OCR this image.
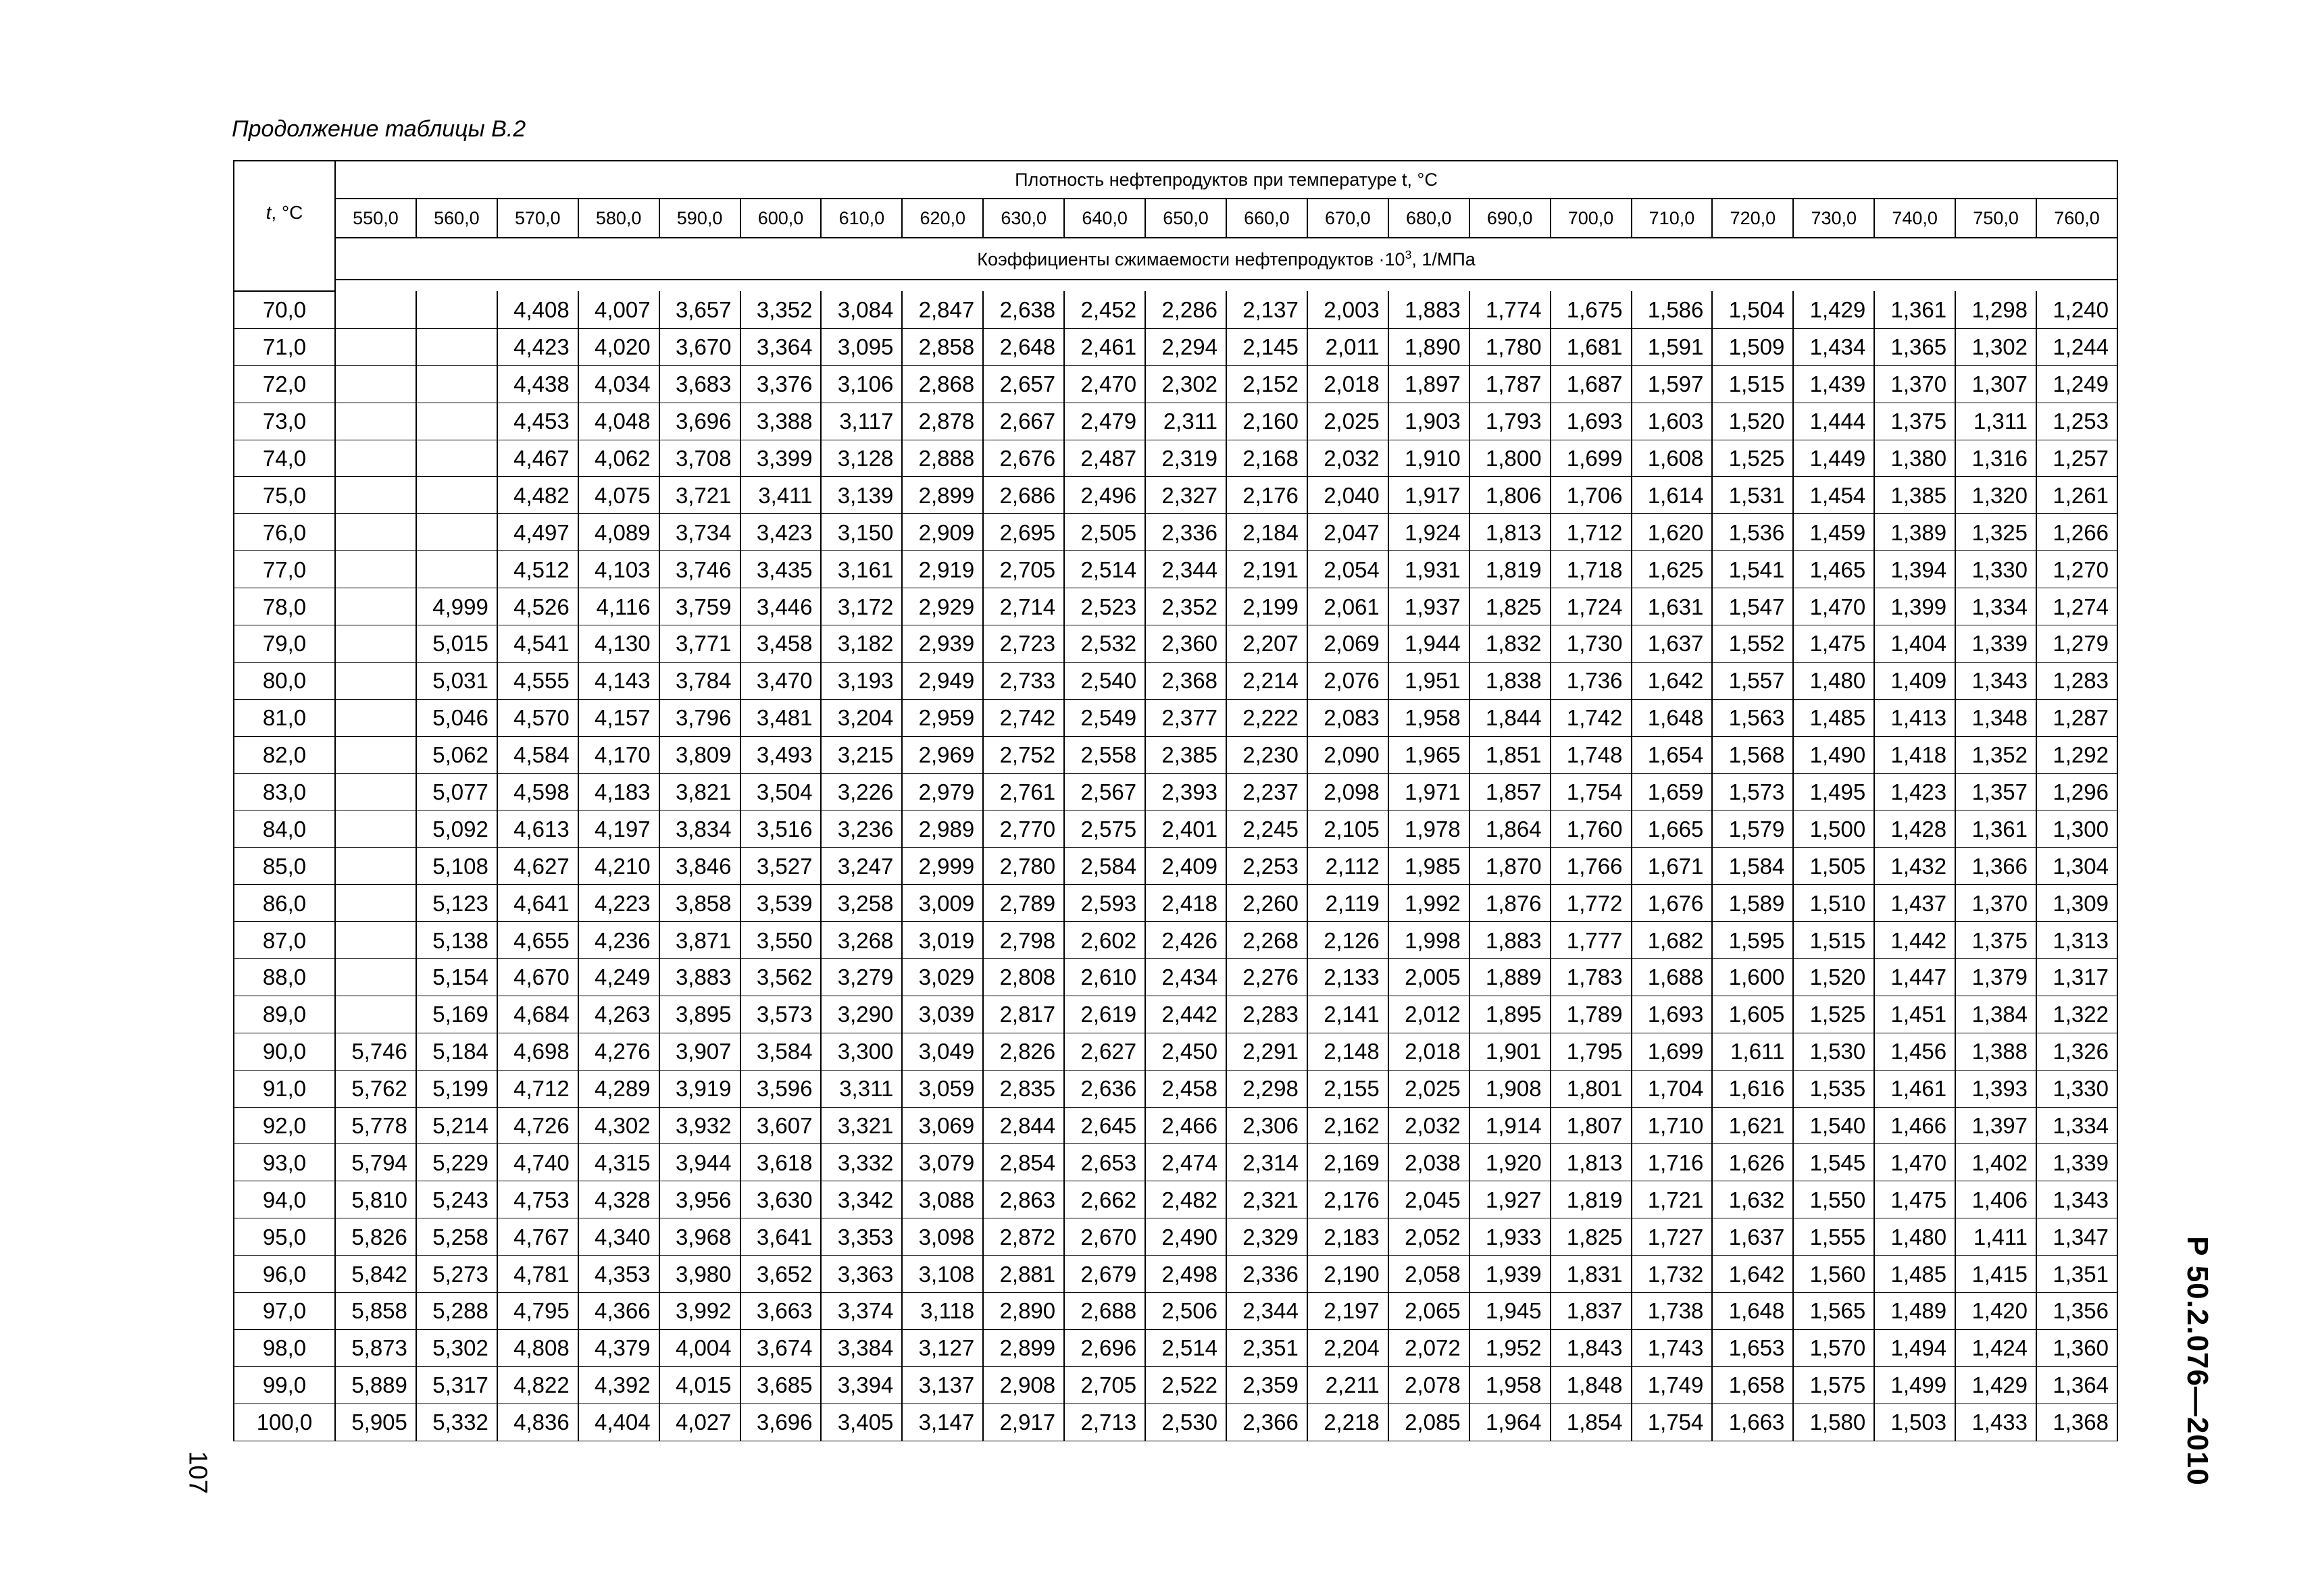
Продолжение таблицы В.2
t, °C	Плотность нефтепродуктов при температуре t, °C																					
	550,0	560,0	570,0	580,0	590,0	600,0	610,0	620,0	630,0	640,0	650,0	660,0	670,0	680,0	690,0	700,0	710,0	720,0	730,0	740,0	750,0	760,0
	Коэффициенты сжимаемости нефтепродуктов $\cdot 10^3$, 1/МПа																					

70,0			4,408	4,007	3,657	3,352	3,084	2,847	2,638	2,452	2,286	2,137	2,003	1,883	1,774	1,675	1,586	1,504	1,429	1,361	1,298	1,240
71,0			4,423	4,020	3,670	3,364	3,095	2,858	2,648	2,461	2,294	2,145	2,011	1,890	1,780	1,681	1,591	1,509	1,434	1,365	1,302	1,244
72,0			4,438	4,034	3,683	3,376	3,106	2,868	2,657	2,470	2,302	2,152	2,018	1,897	1,787	1,687	1,597	1,515	1,439	1,370	1,307	1,249
73,0			4,453	4,048	3,696	3,388	3,117	2,878	2,667	2,479	2,311	2,160	2,025	1,903	1,793	1,693	1,603	1,520	1,444	1,375	1,311	1,253
74,0			4,467	4,062	3,708	3,399	3,128	2,888	2,676	2,487	2,319	2,168	2,032	1,910	1,800	1,699	1,608	1,525	1,449	1,380	1,316	1,257
75,0			4,482	4,075	3,721	3,411	3,139	2,899	2,686	2,496	2,327	2,176	2,040	1,917	1,806	1,706	1,614	1,531	1,454	1,385	1,320	1,261
76,0			4,497	4,089	3,734	3,423	3,150	2,909	2,695	2,505	2,336	2,184	2,047	1,924	1,813	1,712	1,620	1,536	1,459	1,389	1,325	1,266
77,0			4,512	4,103	3,746	3,435	3,161	2,919	2,705	2,514	2,344	2,191	2,054	1,931	1,819	1,718	1,625	1,541	1,465	1,394	1,330	1,270
78,0		4,999	4,526	4,116	3,759	3,446	3,172	2,929	2,714	2,523	2,352	2,199	2,061	1,937	1,825	1,724	1,631	1,547	1,470	1,399	1,334	1,274
79,0		5,015	4,541	4,130	3,771	3,458	3,182	2,939	2,723	2,532	2,360	2,207	2,069	1,944	1,832	1,730	1,637	1,552	1,475	1,404	1,339	1,279
80,0		5,031	4,555	4,143	3,784	3,470	3,193	2,949	2,733	2,540	2,368	2,214	2,076	1,951	1,838	1,736	1,642	1,557	1,480	1,409	1,343	1,283
81,0		5,046	4,570	4,157	3,796	3,481	3,204	2,959	2,742	2,549	2,377	2,222	2,083	1,958	1,844	1,742	1,648	1,563	1,485	1,413	1,348	1,287
82,0		5,062	4,584	4,170	3,809	3,493	3,215	2,969	2,752	2,558	2,385	2,230	2,090	1,965	1,851	1,748	1,654	1,568	1,490	1,418	1,352	1,292
83,0		5,077	4,598	4,183	3,821	3,504	3,226	2,979	2,761	2,567	2,393	2,237	2,098	1,971	1,857	1,754	1,659	1,573	1,495	1,423	1,357	1,296
84,0		5,092	4,613	4,197	3,834	3,516	3,236	2,989	2,770	2,575	2,401	2,245	2,105	1,978	1,864	1,760	1,665	1,579	1,500	1,428	1,361	1,300
85,0		5,108	4,627	4,210	3,846	3,527	3,247	2,999	2,780	2,584	2,409	2,253	2,112	1,985	1,870	1,766	1,671	1,584	1,505	1,432	1,366	1,304
86,0		5,123	4,641	4,223	3,858	3,539	3,258	3,009	2,789	2,593	2,418	2,260	2,119	1,992	1,876	1,772	1,676	1,589	1,510	1,437	1,370	1,309
87,0		5,138	4,655	4,236	3,871	3,550	3,268	3,019	2,798	2,602	2,426	2,268	2,126	1,998	1,883	1,777	1,682	1,595	1,515	1,442	1,375	1,313
88,0		5,154	4,670	4,249	3,883	3,562	3,279	3,029	2,808	2,610	2,434	2,276	2,133	2,005	1,889	1,783	1,688	1,600	1,520	1,447	1,379	1,317
89,0		5,169	4,684	4,263	3,895	3,573	3,290	3,039	2,817	2,619	2,442	2,283	2,141	2,012	1,895	1,789	1,693	1,605	1,525	1,451	1,384	1,322
90,0	5,746	5,184	4,698	4,276	3,907	3,584	3,300	3,049	2,826	2,627	2,450	2,291	2,148	2,018	1,901	1,795	1,699	1,611	1,530	1,456	1,388	1,326
91,0	5,762	5,199	4,712	4,289	3,919	3,596	3,311	3,059	2,835	2,636	2,458	2,298	2,155	2,025	1,908	1,801	1,704	1,616	1,535	1,461	1,393	1,330
92,0	5,778	5,214	4,726	4,302	3,932	3,607	3,321	3,069	2,844	2,645	2,466	2,306	2,162	2,032	1,914	1,807	1,710	1,621	1,540	1,466	1,397	1,334
93,0	5,794	5,229	4,740	4,315	3,944	3,618	3,332	3,079	2,854	2,653	2,474	2,314	2,169	2,038	1,920	1,813	1,716	1,626	1,545	1,470	1,402	1,339
94,0	5,810	5,243	4,753	4,328	3,956	3,630	3,342	3,088	2,863	2,662	2,482	2,321	2,176	2,045	1,927	1,819	1,721	1,632	1,550	1,475	1,406	1,343
95,0	5,826	5,258	4,767	4,340	3,968	3,641	3,353	3,098	2,872	2,670	2,490	2,329	2,183	2,052	1,933	1,825	1,727	1,637	1,555	1,480	1,411	1,347
96,0	5,842	5,273	4,781	4,353	3,980	3,652	3,363	3,108	2,881	2,679	2,498	2,336	2,190	2,058	1,939	1,831	1,732	1,642	1,560	1,485	1,415	1,351
97,0	5,858	5,288	4,795	4,366	3,992	3,663	3,374	3,118	2,890	2,688	2,506	2,344	2,197	2,065	1,945	1,837	1,738	1,648	1,565	1,489	1,420	1,356
98,0	5,873	5,302	4,808	4,379	4,004	3,674	3,384	3,127	2,899	2,696	2,514	2,351	2,204	2,072	1,952	1,843	1,743	1,653	1,570	1,494	1,424	1,360
99,0	5,889	5,317	4,822	4,392	4,015	3,685	3,394	3,137	2,908	2,705	2,522	2,359	2,211	2,078	1,958	1,848	1,749	1,658	1,575	1,499	1,429	1,364
100,0	5,905	5,332	4,836	4,404	4,027	3,696	3,405	3,147	2,917	2,713	2,530	2,366	2,218	2,085	1,964	1,854	1,754	1,663	1,580	1,503	1,433	1,368 Р 50.2.076—2010
107
